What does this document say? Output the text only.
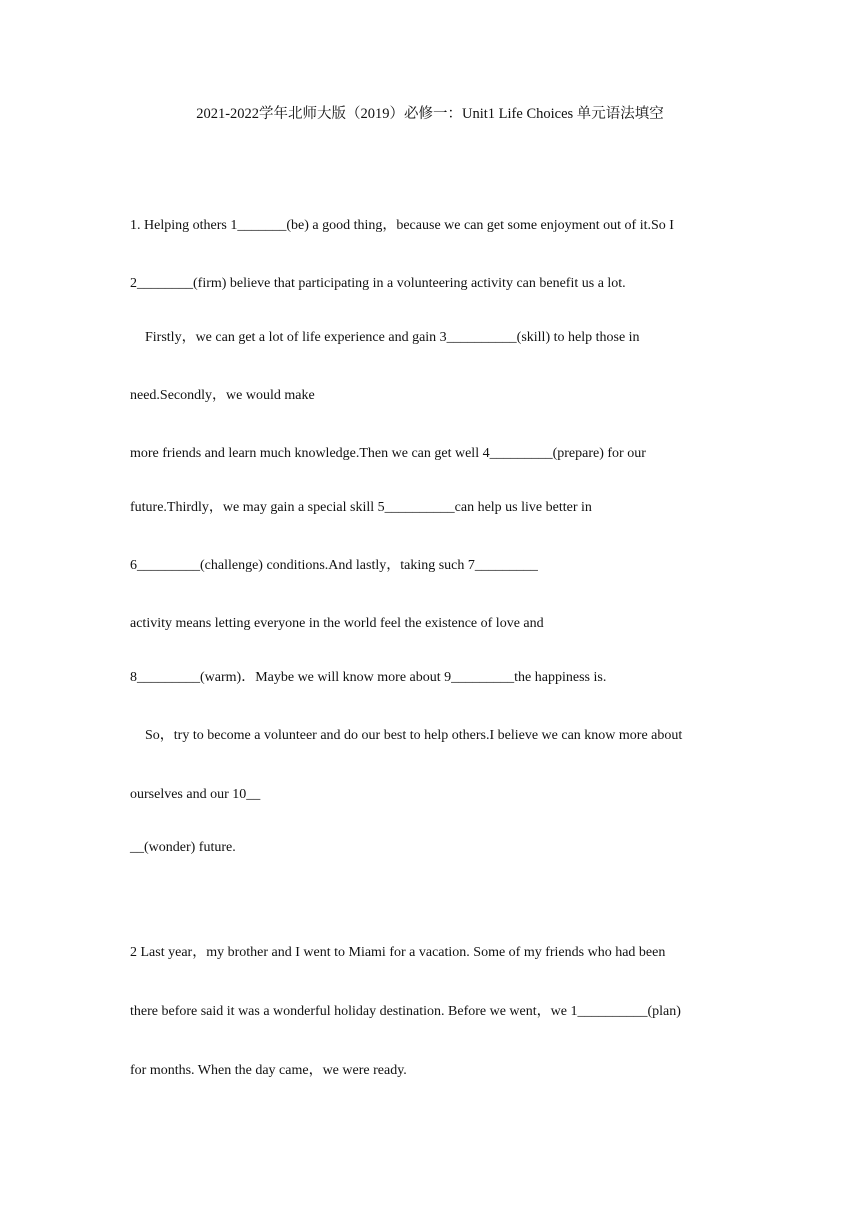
2021-2022学年北师大版（2019）必修一：Unit1 Life Choices 单元语法填空
1. Helping others 1_______(be) a good thing，because we can get some enjoyment out of it.So I
2________(firm) believe that participating in a volunteering activity can benefit us a lot.
Firstly，we can get a lot of life experience and gain 3__________(skill) to help those in
need.Secondly，we would make
more friends and learn much knowledge.Then we can get well 4_________(prepare) for our
future.Thirdly，we may gain a special skill 5__________can help us live better in
6_________(challenge) conditions.And lastly，taking such 7_________
activity means letting everyone in the world feel the existence of love and
8_________(warm)．Maybe we will know more about 9_________the happiness is.
So，try to become a volunteer and do our best to help others.I believe we can know more about
ourselves and our 10__
__(wonder) future.
2 Last year，my brother and I went to Miami for a vacation. Some of my friends who had been
there before said it was a wonderful holiday destination. Before we went，we 1__________(plan)
for months. When the day came，we were ready.
